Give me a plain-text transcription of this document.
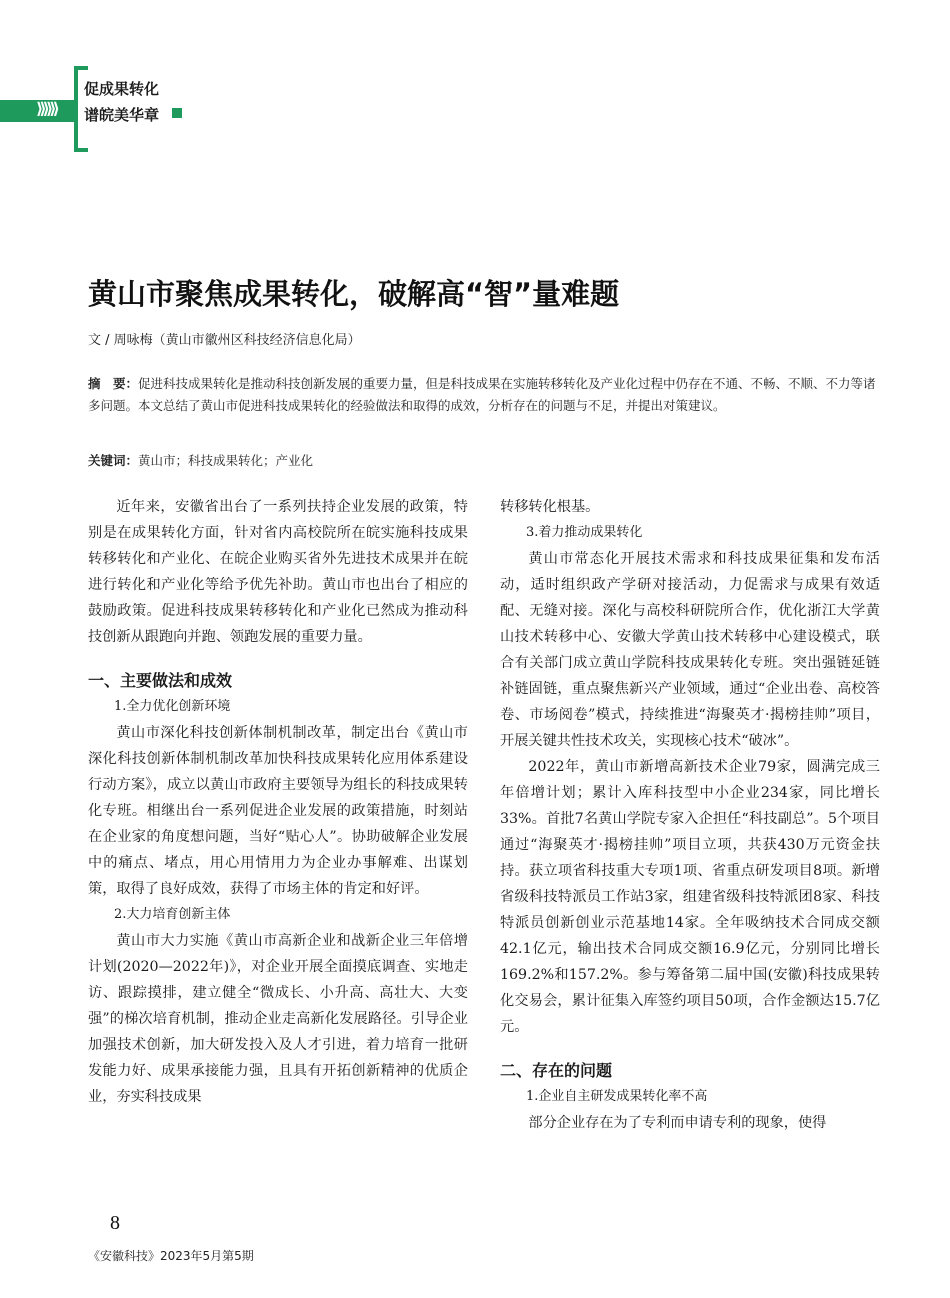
⟩⟩⟩⟩⟩⟩
促成果转化
谱皖美华章
黄山市聚焦成果转化，破解高“智”量难题
文 / 周咏梅（黄山市徽州区科技经济信息化局）
摘　要：促进科技成果转化是推动科技创新发展的重要力量，但是科技成果在实施转移转化及产业化过程中仍存在不通、不畅、不顺、不力等诸多问题。本文总结了黄山市促进科技成果转化的经验做法和取得的成效，分析存在的问题与不足，并提出对策建议。
关键词：黄山市；科技成果转化；产业化

近年来，安徽省出台了一系列扶持企业发展的政策，特别是在成果转化方面，针对省内高校院所在皖实施科技成果转移转化和产业化、在皖企业购买省外先进技术成果并在皖进行转化和产业化等给予优先补助。黄山市也出台了相应的鼓励政策。促进科技成果转移转化和产业化已然成为推动科技创新从跟跑向并跑、领跑发展的重要力量。

一、主要做法和成效

1.全力优化创新环境

黄山市深化科技创新体制机制改革，制定出台《黄山市深化科技创新体制机制改革加快科技成果转化应用体系建设行动方案》，成立以黄山市政府主要领导为组长的科技成果转化专班。相继出台一系列促进企业发展的政策措施，时刻站在企业家的角度想问题，当好“贴心人”。协助破解企业发展中的痛点、堵点，用心用情用力为企业办事解难、出谋划策，取得了良好成效，获得了市场主体的肯定和好评。

2.大力培育创新主体

黄山市大力实施《黄山市高新企业和战新企业三年倍增计划(2020—2022年)》，对企业开展全面摸底调查、实地走访、跟踪摸排，建立健全“微成长、小升高、高壮大、大变强”的梯次培育机制，推动企业走高新化发展路径。引导企业加强技术创新，加大研发投入及人才引进，着力培育一批研发能力好、成果承接能力强，且具有开拓创新精神的优质企业，夯实科技成果

转移转化根基。

3.着力推动成果转化

黄山市常态化开展技术需求和科技成果征集和发布活动，适时组织政产学研对接活动，力促需求与成果有效适配、无缝对接。深化与高校科研院所合作，优化浙江大学黄山技术转移中心、安徽大学黄山技术转移中心建设模式，联合有关部门成立黄山学院科技成果转化专班。突出强链延链补链固链，重点聚焦新兴产业领域，通过“企业出卷、高校答卷、市场阅卷”模式，持续推进“海聚英才·揭榜挂帅”项目，开展关键共性技术攻关，实现核心技术“破冰”。

2022年，黄山市新增高新技术企业79家，圆满完成三年倍增计划；累计入库科技型中小企业234家，同比增长33%。首批7名黄山学院专家入企担任“科技副总”。5个项目通过“海聚英才·揭榜挂帅”项目立项，共获430万元资金扶持。获立项省科技重大专项1项、省重点研发项目8项。新增省级科技特派员工作站3家，组建省级科技特派团8家、科技特派员创新创业示范基地14家。全年吸纳技术合同成交额42.1亿元，输出技术合同成交额16.9亿元，分别同比增长169.2%和157.2%。参与筹备第二届中国(安徽)科技成果转化交易会，累计征集入库签约项目50项，合作金额达15.7亿元。

二、存在的问题

1.企业自主研发成果转化率不高

部分企业存在为了专利而申请专利的现象，使得

8
《安徽科技》2023年5月第5期
